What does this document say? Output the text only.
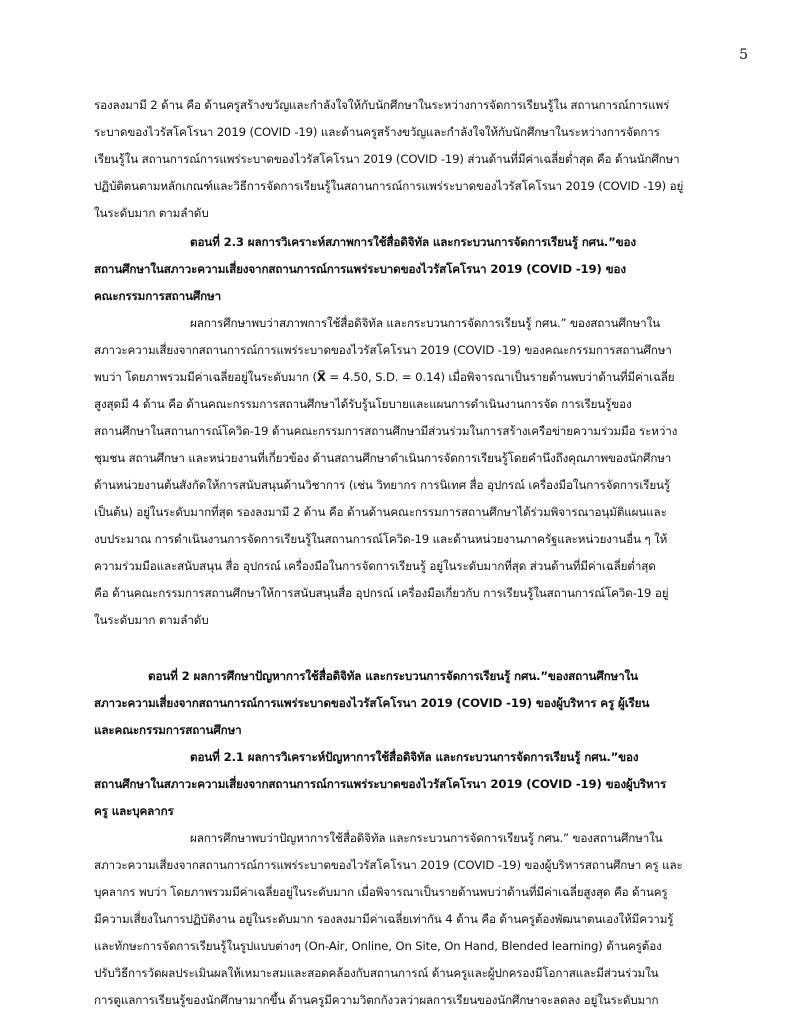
5
รองลงมามี 2 ด้าน คือ ด้านครูสร้างขวัญและกำลังใจให้กับนักศึกษาในระหว่างการจัดการเรียนรู้ใน สถานการณ์การแพร่
ระบาดของไวรัสโคโรนา 2019 (COVID -19) และด้านครูสร้างขวัญและกำลังใจให้กับนักศึกษาในระหว่างการจัดการ
เรียนรู้ใน สถานการณ์การแพร่ระบาดของไวรัสโคโรนา 2019 (COVID -19) ส่วนด้านที่มีค่าเฉลี่ยต่ำสุด คือ ด้านนักศึกษา
ปฏิบัติตนตามหลักเกณฑ์และวิธีการจัดการเรียนรู้ในสถานการณ์การแพร่ระบาดของไวรัสโคโรนา 2019 (COVID -19) อยู่
ในระดับมาก ตามลำดับ
ตอนที่ 2.3 ผลการวิเคราะห์สภาพการใช้สื่อดิจิทัล และกระบวนการจัดการเรียนรู้ กศน.”ของ
สถานศึกษาในสภาวะความเสี่ยงจากสถานการณ์การแพร่ระบาดของไวรัสโคโรนา 2019 (COVID -19) ของ
คณะกรรมการสถานศึกษา
ผลการศึกษาพบว่าสภาพการใช้สื่อดิจิทัล และกระบวนการจัดการเรียนรู้ กศน.” ของสถานศึกษาใน
สภาวะความเสี่ยงจากสถานการณ์การแพร่ระบาดของไวรัสโคโรนา 2019 (COVID -19) ของคณะกรรมการสถานศึกษา
พบว่า โดยภาพรวมมีค่าเฉลี่ยอยู่ในระดับมาก (X̅ = 4.50, S.D. = 0.14) เมื่อพิจารณาเป็นรายด้านพบว่าด้านที่มีค่าเฉลี่ย
สูงสุดมี 4 ด้าน คือ ด้านคณะกรรมการสถานศึกษาได้รับรู้นโยบายและแผนการดำเนินงานการจัด การเรียนรู้ของ
สถานศึกษาในสถานการณ์โควิด-19 ด้านคณะกรรมการสถานศึกษามีส่วนร่วมในการสร้างเครือข่ายความร่วมมือ ระหว่าง
ชุมชน สถานศึกษา และหน่วยงานที่เกี่ยวข้อง ด้านสถานศึกษาดำเนินการจัดการเรียนรู้โดยคำนึงถึงคุณภาพของนักศึกษา
ด้านหน่วยงานต้นสังกัดให้การสนับสนุนด้านวิชาการ (เช่น วิทยากร การนิเทศ สื่อ อุปกรณ์ เครื่องมือในการจัดการเรียนรู้
เป็นต้น) อยู่ในระดับมากที่สุด รองลงมามี 2 ด้าน คือ ด้านด้านคณะกรรมการสถานศึกษาได้ร่วมพิจารณาอนุมัติแผนและ
งบประมาณ การดำเนินงานการจัดการเรียนรู้ในสถานการณ์โควิด-19 และด้านหน่วยงานภาครัฐและหน่วยงานอื่น ๆ ให้
ความร่วมมือและสนับสนุน สื่อ อุปกรณ์ เครื่องมือในการจัดการเรียนรู้ อยู่ในระดับมากที่สุด ส่วนด้านที่มีค่าเฉลี่ยต่ำสุด
คือ ด้านคณะกรรมการสถานศึกษาให้การสนับสนุนสื่อ อุปกรณ์ เครื่องมือเกี่ยวกับ การเรียนรู้ในสถานการณ์โควิด-19 อยู่
ในระดับมาก ตามลำดับ
ตอนที่ 2 ผลการศึกษาปัญหาการใช้สื่อดิจิทัล และกระบวนการจัดการเรียนรู้ กศน.”ของสถานศึกษาใน
สภาวะความเสี่ยงจากสถานการณ์การแพร่ระบาดของไวรัสโคโรนา 2019 (COVID -19) ของผู้บริหาร ครู ผู้เรียน
และคณะกรรมการสถานศึกษา
ตอนที่ 2.1 ผลการวิเคราะห์ปัญหาการใช้สื่อดิจิทัล และกระบวนการจัดการเรียนรู้ กศน.”ของ
สถานศึกษาในสภาวะความเสี่ยงจากสถานการณ์การแพร่ระบาดของไวรัสโคโรนา 2019 (COVID -19) ของผู้บริหาร
ครู และบุคลากร
ผลการศึกษาพบว่าปัญหาการใช้สื่อดิจิทัล และกระบวนการจัดการเรียนรู้ กศน.” ของสถานศึกษาใน
สภาวะความเสี่ยงจากสถานการณ์การแพร่ระบาดของไวรัสโคโรนา 2019 (COVID -19) ของผู้บริหารสถานศึกษา ครู และ
บุคลากร พบว่า โดยภาพรวมมีค่าเฉลี่ยอยู่ในระดับมาก เมื่อพิจารณาเป็นรายด้านพบว่าด้านที่มีค่าเฉลี่ยสูงสุด คือ ด้านครู
มีความเสี่ยงในการปฏิบัติงาน อยู่ในระดับมาก รองลงมามีค่าเฉลี่ยเท่ากัน 4 ด้าน คือ ด้านครูต้องพัฒนาตนเองให้มีความรู้
และทักษะการจัดการเรียนรู้ในรูปแบบต่างๆ (On-Air, Online, On Site, On Hand, Blended learning) ด้านครูต้อง
ปรับวิธีการวัดผลประเมินผลให้เหมาะสมและสอดคล้องกับสถานการณ์ ด้านครูและผู้ปกครองมีโอกาสและมีส่วนร่วมใน
การดูแลการเรียนรู้ของนักศึกษามากขึ้น ด้านครูมีความวิตกกังวลว่าผลการเรียนของนักศึกษาจะลดลง อยู่ในระดับมาก
